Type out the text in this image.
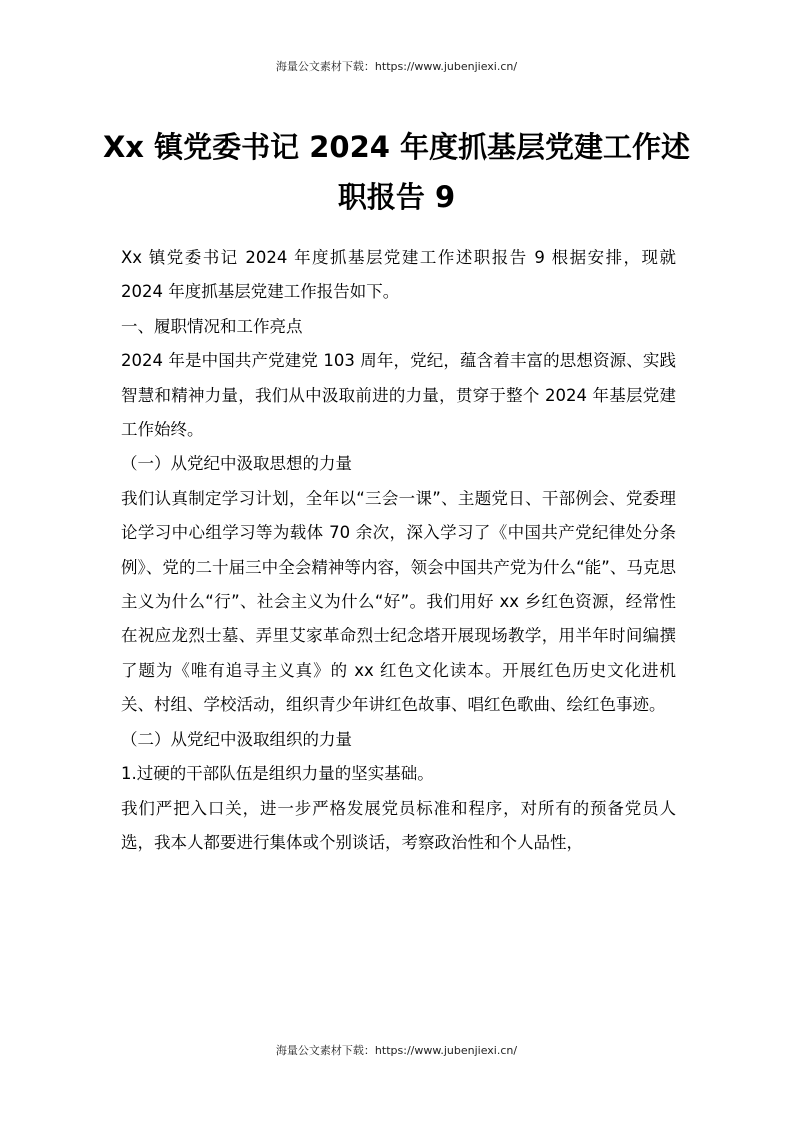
海量公文素材下载：https://www.jubenjiexi.cn/
Xx 镇党委书记 2024 年度抓基层党建工作述职报告 9

Xx 镇党委书记 2024 年度抓基层党建工作述职报告 9 根据安排，现就 2024 年度抓基层党建工作报告如下。

一、履职情况和工作亮点

2024 年是中国共产党建党 103 周年，党纪，蕴含着丰富的思想资源、实践智慧和精神力量，我们从中汲取前进的力量，贯穿于整个 2024 年基层党建工作始终。

（一）从党纪中汲取思想的力量

我们认真制定学习计划，全年以“三会一课”、主题党日、干部例会、党委理论学习中心组学习等为载体 70 余次，深入学习了《中国共产党纪律处分条例》、党的二十届三中全会精神等内容，领会中国共产党为什么“能”、马克思主义为什么“行”、社会主义为什么“好”。我们用好 xx 乡红色资源，经常性在祝应龙烈士墓、弄里艾家革命烈士纪念塔开展现场教学，用半年时间编撰了题为《唯有追寻主义真》的 xx 红色文化读本。开展红色历史文化进机关、村组、学校活动，组织青少年讲红色故事、唱红色歌曲、绘红色事迹。

（二）从党纪中汲取组织的力量

1.过硬的干部队伍是组织力量的坚实基础。

我们严把入口关，进一步严格发展党员标准和程序，对所有的预备党员人选，我本人都要进行集体或个别谈话，考察政治性和个人品性，

海量公文素材下载：https://www.jubenjiexi.cn/
